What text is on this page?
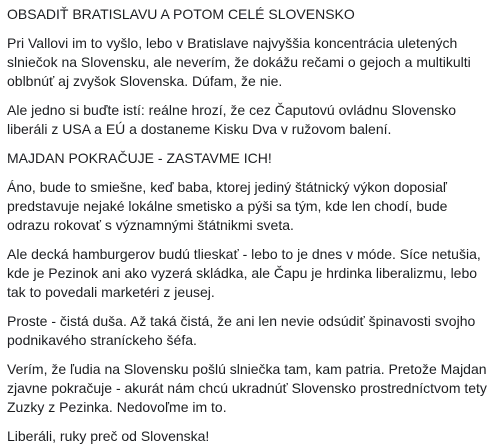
OBSADIŤ BRATISLAVU A POTOM CELÉ SLOVENSKO

Pri Vallovi im to vyšlo, lebo v Bratislave najvyššia koncentrácia uletených slniečok na Slovensku, ale neverím, že dokážu rečami o gejoch a multikulti oblbnúť aj zvyšok Slovenska. Dúfam, že nie.

Ale jedno si buďte istí: reálne hrozí, že cez Čaputovú ovládnu Slovensko liberáli z USA a EÚ a dostaneme Kisku Dva v ružovom balení.

MAJDAN POKRAČUJE - ZASTAVME ICH!

Áno, bude to smiešne, keď baba, ktorej jediný štátnický výkon doposiaľ predstavuje nejaké lokálne smetisko a pýši sa tým, kde len chodí, bude odrazu rokovať s významnými štátnikmi sveta.

Ale decká hamburgerov budú tlieskať - lebo to je dnes v móde. Síce netušia, kde je Pezinok ani ako vyzerá skládka, ale Čapu je hrdinka liberalizmu, lebo tak to povedali marketéri z jeusej.

Proste - čistá duša. Až taká čistá, že ani len nevie odsúdiť špinavosti svojho podnikavého straníckeho šéfa.

Verím, že ľudia na Slovensku pošlú slniečka tam, kam patria. Pretože Majdan zjavne pokračuje - akurát nám chcú ukradnúť Slovensko prostredníctvom tety Zuzky z Pezinka. Nedovoľme im to.

Liberáli, ruky preč od Slovenska!
